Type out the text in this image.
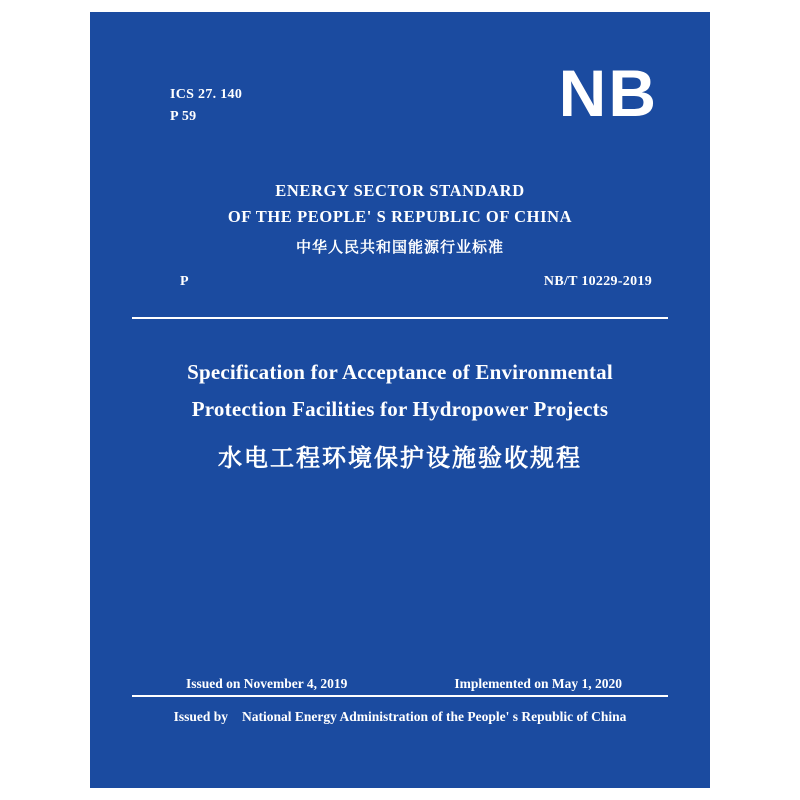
ICS 27. 140
P 59	NB
ENERGY SECTOR STANDARD
OF THE PEOPLE' S REPUBLIC OF CHINA
中华人民共和国能源行业标准
P	NB/T 10229-2019
Specification for Acceptance of Environmental
Protection Facilities for Hydropower Projects
水电工程环境保护设施验收规程
Issued on November 4, 2019	Implemented on May 1, 2020
Issued by National Energy Administration of the People' s Republic of China
